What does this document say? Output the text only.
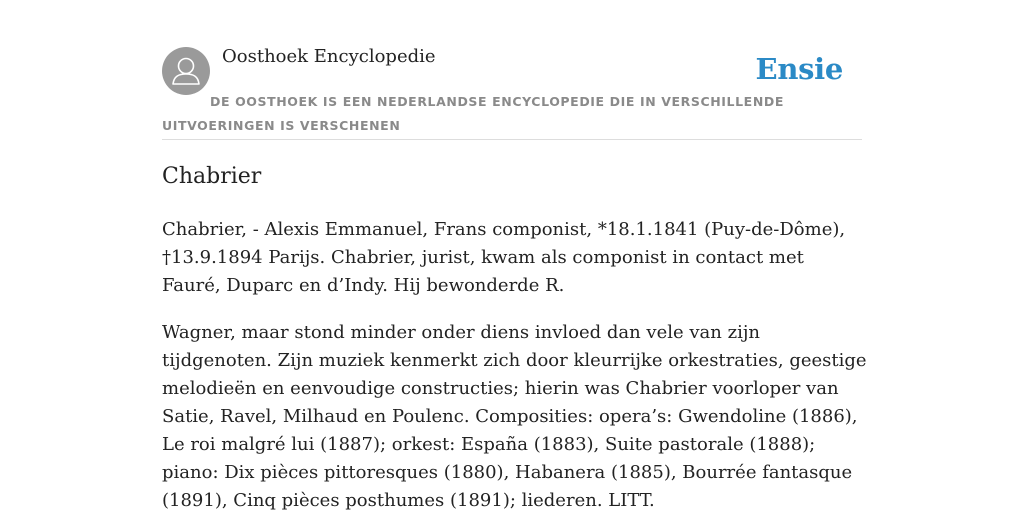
Oosthoek Encyclopedie	Ensie
DE OOSTHOEK IS EEN NEDERLANDSE ENCYCLOPEDIE DIE IN VERSCHILLENDE UITVOERINGEN IS VERSCHENEN
Chabrier

Chabrier, - Alexis Emmanuel, Frans componist, *18.1.1841 (Puy-de-Dôme), †13.9.1894 Parijs. Chabrier, jurist, kwam als componist in contact met Fauré, Duparc en d’Indy. Hij bewonderde R.

Wagner, maar stond minder onder diens invloed dan vele van zijn tijdgenoten. Zijn muziek kenmerkt zich door kleurrijke orkestraties, geestige melodieën en eenvoudige constructies; hierin was Chabrier voorloper van Satie, Ravel, Milhaud en Poulenc. Composities: opera’s: Gwendoline (1886), Le roi malgré lui (1887); orkest: España (1883), Suite pastorale (1888); piano: Dix pièces pittoresques (1880), Habanera (1885), Bourrée fantasque (1891), Cinq pièces posthumes (1891); liederen. LITT.
